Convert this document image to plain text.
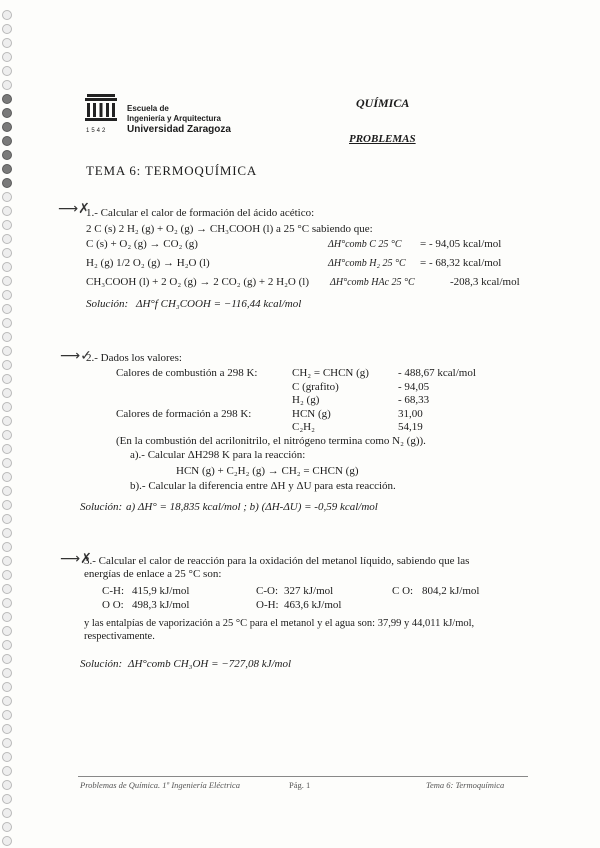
1542
Escuela de
Ingeniería y Arquitectura
Universidad Zaragoza
QUÍMICA
PROBLEMAS
TEMA 6: TERMOQUÍMICA
⟶✗
1.- Calcular el calor de formación del ácido acético:
2 C (s) 2 H₂ (g) + O₂ (g) → CH₃COOH (l) a 25 °C sabiendo que:
C (s) + O₂ (g) → CO₂ (g)	ΔH°comb C 25 °C = - 94,05 kcal/mol
H₂ (g) 1/2 O₂ (g) → H₂O (l)	ΔH°comb H₂ 25 °C = - 68,32 kcal/mol
CH₃COOH (l) + 2 O₂ (g) → 2 CO₂ (g) + 2 H₂O (l) ΔH°comb HAc 25 °C	-208,3 kcal/mol
Solución: ΔH°f CH₃COOH = −116,44 kcal/mol
⟶✓
2.- Dados los valores:
Calores de combustión a 298 K:	CH₂ = CHCN (g)	- 488,67 kcal/mol
C (grafito)	- 94,05
H₂ (g)	- 68,33
Calores de formación a 298 K:	HCN (g)	31,00
C₂H₂	54,19
(En la combustión del acrilonitrilo, el nitrógeno termina como N₂ (g)).
a).- Calcular ΔH298 K para la reacción:
HCN (g) + C₂H₂ (g) → CH₂ = CHCN (g)
b).- Calcular la diferencia entre ΔH y ΔU para esta reacción.
Solución: a) ΔH° = 18,835 kcal/mol ; b) (ΔH-ΔU) = -0,59 kcal/mol
⟶✗
3.- Calcular el calor de reacción para la oxidación del metanol líquido, sabiendo que las
energías de enlace a 25 °C son:
C-H: 415,9 kJ/mol	C-O: 327 kJ/mol	C O: 804,2 kJ/mol
O O: 498,3 kJ/mol	O-H: 463,6 kJ/mol
y las entalpías de vaporización a 25 °C para el metanol y el agua son: 37,99 y 44,011 kJ/mol,
respectivamente.
Solución: ΔH°comb CH₃OH = −727,08 kJ/mol
Problemas de Química. 1º Ingeniería Eléctrica	Pág. 1	Tema 6: Termoquímica
